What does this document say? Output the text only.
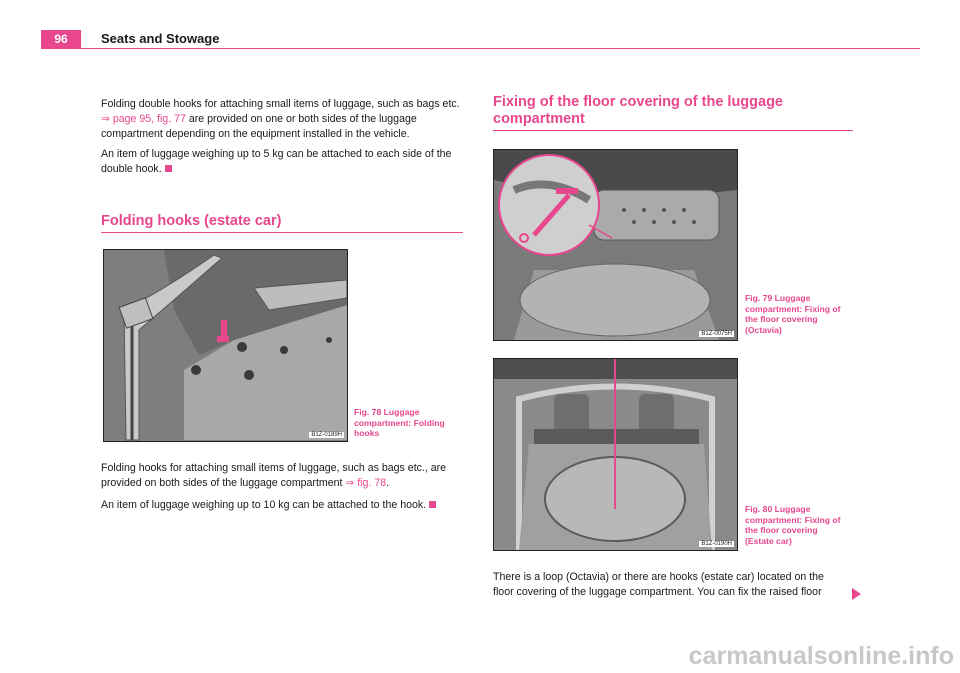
96	Seats and Stowage

Folding double hooks for attaching small items of luggage, such as bags etc. ⇒ page 95, fig. 77 are provided on one or both sides of the luggage compartment depending on the equipment installed in the vehicle.

An item of luggage weighing up to 5 kg can be attached to each side of the double hook.

Folding hooks (estate car)
B1Z-0189H
Fig. 78 Luggage
compartment: Folding
hooks

Folding hooks for attaching small items of luggage, such as bags etc., are provided on both sides of the luggage compartment ⇒ fig. 78.

An item of luggage weighing up to 10 kg can be attached to the hook.

Fixing of the floor covering of the luggage
compartment
B1Z-0075H
Fig. 79 Luggage
compartment: Fixing of
the floor covering
(Octavia)
B1Z-0190H
Fig. 80 Luggage
compartment: Fixing of
the floor covering
(Estate car)

There is a loop (Octavia) or there are hooks (estate car) located on the
floor covering of the luggage compartment. You can fix the raised floor

carmanualsonline.info
